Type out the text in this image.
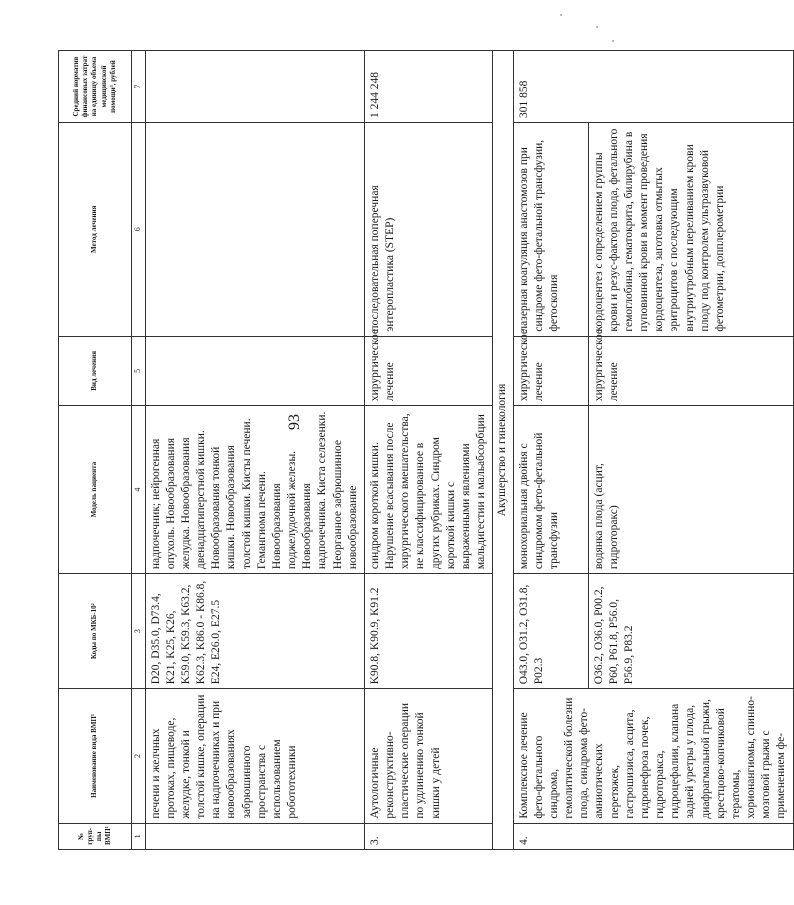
93
№ груп-пы ВМП¹	Наименование вида ВМП¹	Коды по МКБ-10²	Модель пациента	Вид лечения	Метод лечения	Средний норматив финансовых затрат на единицу объема медицинской помощи³, рублей
1	2	3	4	5	6	7
	печени и желчных протоках, пищеводе, желудке, тонкой и толстой кишке, операции на надпочечниках и при новообразованиях забрюшинного пространства с использованием робототехники	D20, D35.0, D73.4, K21, K25, K26, K59.0, K59.3, K63.2, K62.3, K86.0 - K86.8, E24, E26.0, E27.5	надпочечник; нейрогенная опухоль. Новообразования желудка. Новообразования двенадцатиперстной кишки. Новообразования тонкой кишки. Новообразования толстой кишки. Кисты печени. Гемангиома печени. Новообразования поджелудочной железы. Новообразования надпочечника. Киста селезенки. Неорганное забрюшинное новообразование			
3.	Аутологичные реконструктивно-пластические операции по удлинению тонкой кишки у детей	K90.8, K90.9, K91.2	синдром короткой кишки. Нарушение всасывания после хирургического вмешательства, не классифицированное в других рубриках. Синдром короткой кишки с выраженными явлениями мальдигестии и мальабсорбции	хирургическое лечение	последовательная поперечная энтеропластика (STEP)	1 244 248
Акушерство и гинекология						
4.	Комплексное лечение фето-фетального синдрома, гемолитической болезни плода, синдрома фето-амниотических перетяжек, гастрошизиса, асцита, гидронефроза почек, гидроторакса, гидроцефалии, клапана задней уретры у плода, диафрагмальной грыжи, крестцово-копчиковой тератомы, хорионангиомы, спинно-мозговой грыжи с применением фе-	O43.0, O31.2, O31.8, P02.3	монохориальная двойня с синдромом фето-фетальной трансфузии	хирургическое лечение	лазерная коагуляция анастомозов при синдроме фето-фетальной трансфузии, фетоскопия	301 858
		O36.2, O36.0, P00.2, P60, P61.8, P56.0, P56.9, P83.2	водянка плода (асцит, гидроторакс)	хирургическое лечение	кордоцентез с определением группы крови и резус-фактора плода, фетального гемоглобина, гематокрита, билирубина в пуповинной крови в момент проведения кордоцентеза, заготовка отмытых эритроцитов с последующим внутриутробным переливанием крови плоду под контролем ультразвуковой фетометрии, допплерометрии	
